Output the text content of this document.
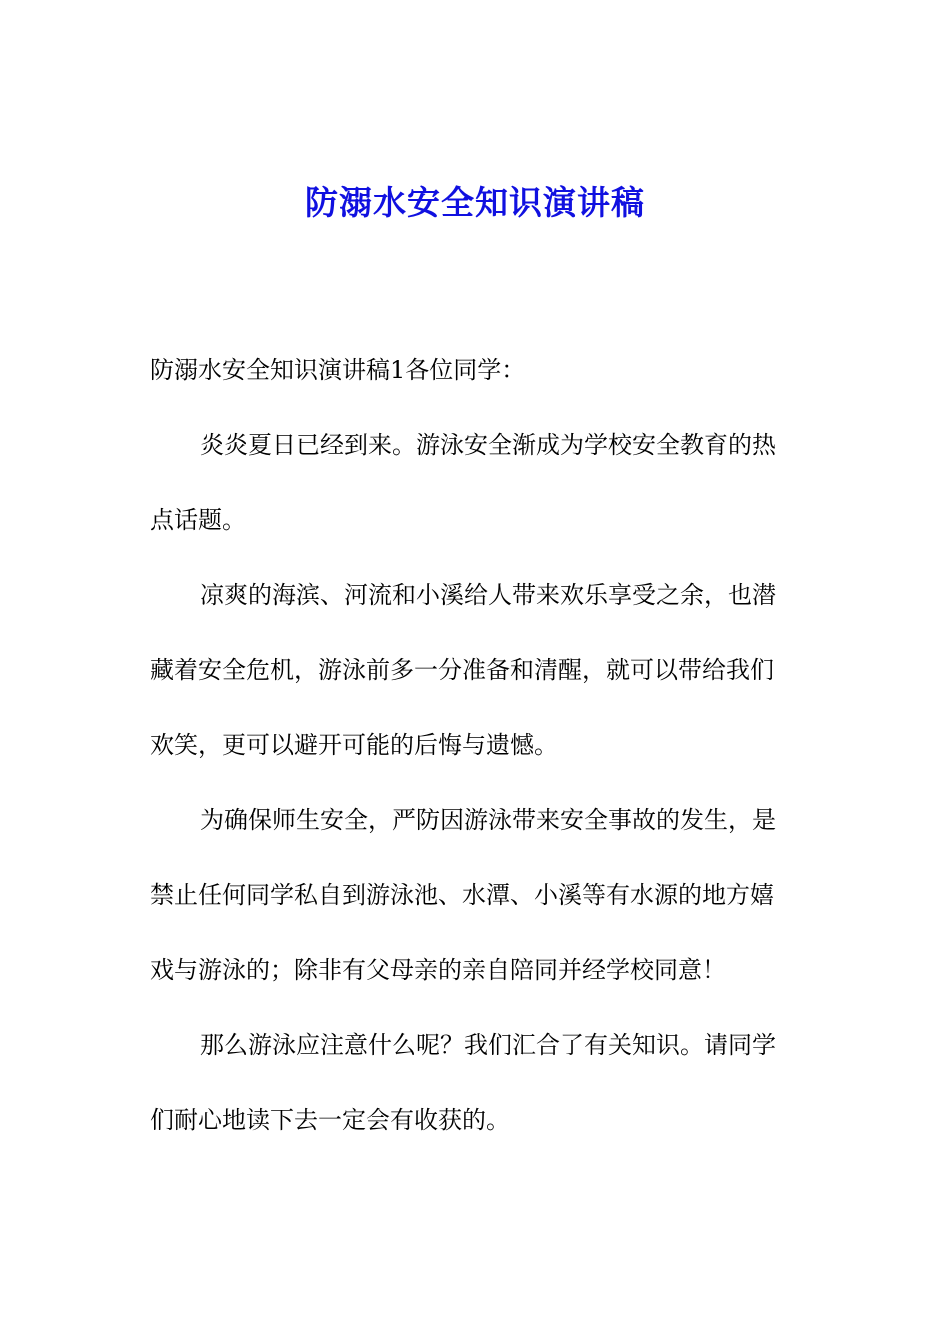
防溺水安全知识演讲稿

防溺水安全知识演讲稿1各位同学：

炎炎夏日已经到来。游泳安全渐成为学校安全教育的热点话题。

凉爽的海滨、河流和小溪给人带来欢乐享受之余，也潜藏着安全危机，游泳前多一分准备和清醒，就可以带给我们欢笑，更可以避开可能的后悔与遗憾。

为确保师生安全，严防因游泳带来安全事故的发生，是禁止任何同学私自到游泳池、水潭、小溪等有水源的地方嬉戏与游泳的；除非有父母亲的亲自陪同并经学校同意！

那么游泳应注意什么呢？我们汇合了有关知识。请同学们耐心地读下去一定会有收获的。
